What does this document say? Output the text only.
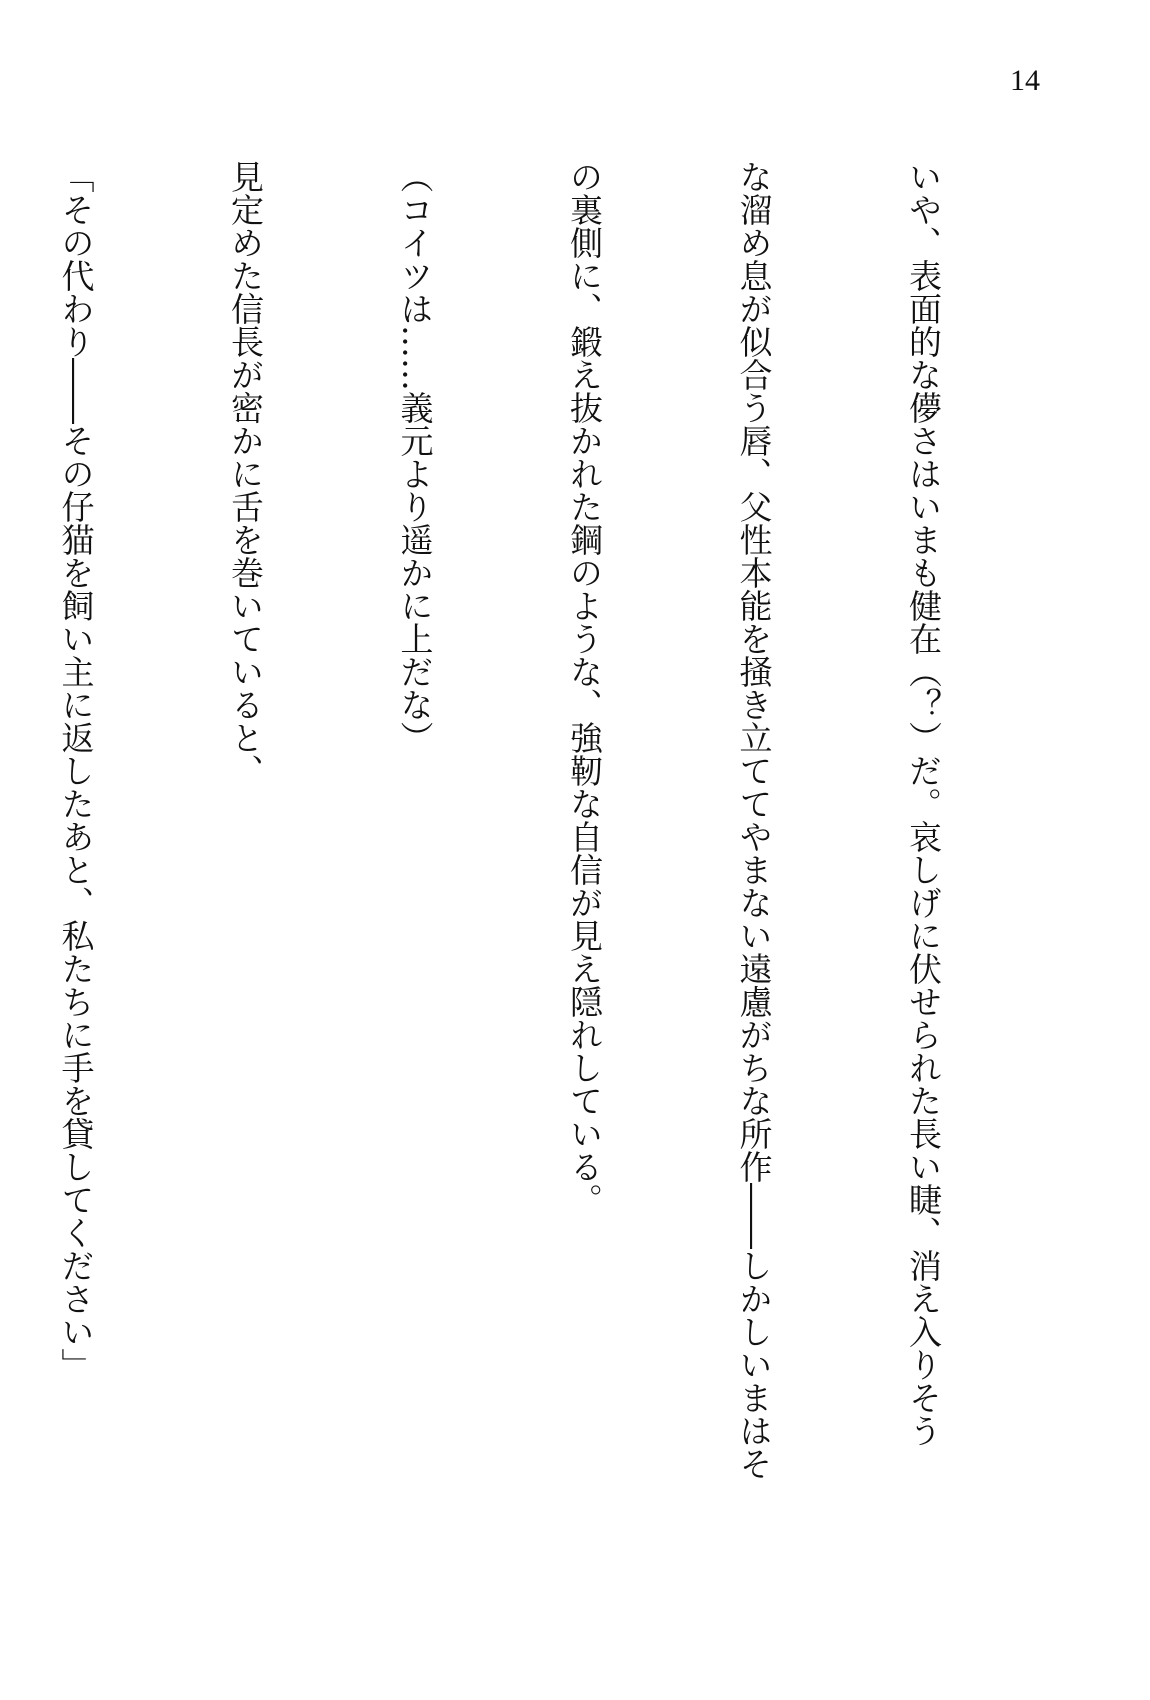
14

いや、表面的な儚さはいまも健在（？）だ。哀しげに伏せられた長い睫、消え入りそう

な溜め息が似合う唇、父性本能を掻き立ててやまない遠慮がちな所作――しかしいまはそ

の裏側に、鍛え抜かれた鋼のような、強靭な自信が見え隠れしている。

（コイツは……義元より遥かに上だな）

見定めた信長が密かに舌を巻いていると、

「その代わり――その仔猫を飼い主に返したあと、私たちに手を貸してください」
